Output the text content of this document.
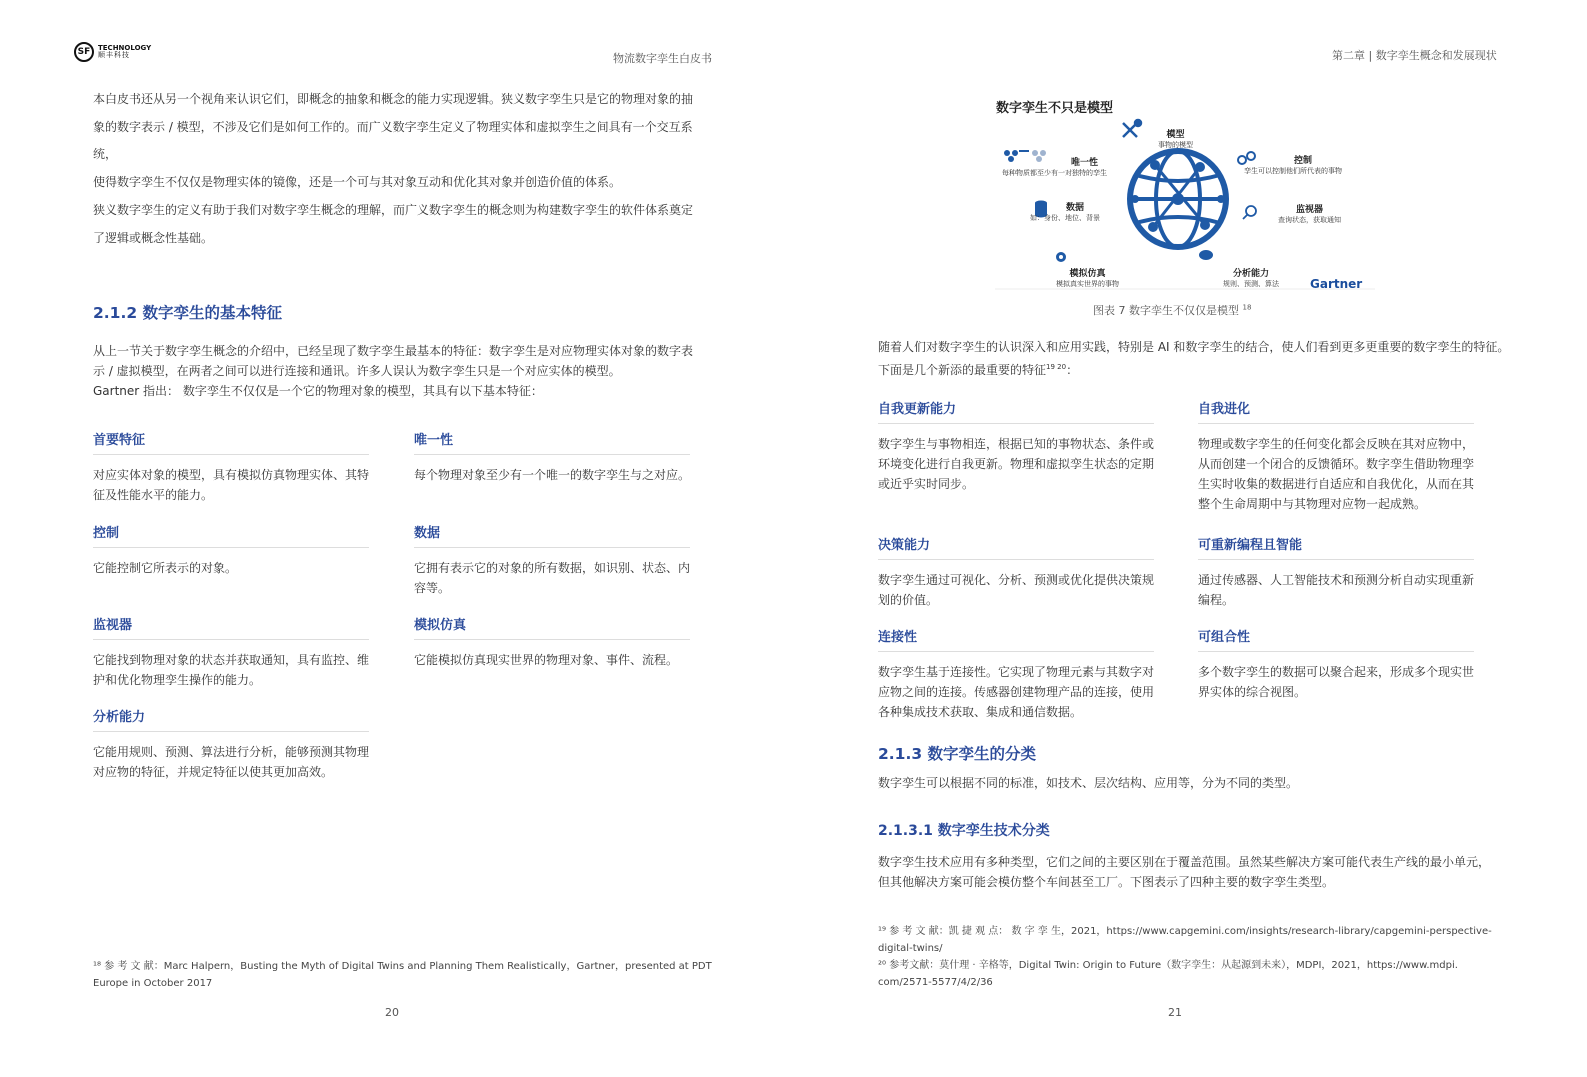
SF	TECHNOLOGY
顺丰科技	物流数字孪生白皮书
本白皮书还从另一个视角来认识它们，即概念的抽象和概念的能力实现逻辑。狭义数字孪生只是它的物理对象的抽
象的数字表示 / 模型，不涉及它们是如何工作的。而广义数字孪生定义了物理实体和虚拟孪生之间具有一个交互系统，
使得数字孪生不仅仅是物理实体的镜像，还是一个可与其对象互动和优化其对象并创造价值的体系。
狭义数字孪生的定义有助于我们对数字孪生概念的理解，而广义数字孪生的概念则为构建数字孪生的软件体系奠定
了逻辑或概念性基础。
2.1.2 数字孪生的基本特征
从上一节关于数字孪生概念的介绍中，已经呈现了数字孪生最基本的特征：数字孪生是对应物理实体对象的数字表
示 / 虚拟模型，在两者之间可以进行连接和通讯。许多人误认为数字孪生只是一个对应实体的模型。
Gartner 指出： 数字孪生不仅仅是一个它的物理对象的模型，其具有以下基本特征：
首要特征
对应实体对象的模型，具有模拟仿真物理实体、其特
征及性能水平的能力。
唯一性
每个物理对象至少有一个唯一的数字孪生与之对应。
控制
它能控制它所表示的对象。
数据
它拥有表示它的对象的所有数据，如识别、状态、内
容等。
监视器
它能找到物理对象的状态并获取通知，具有监控、维
护和优化物理孪生操作的能力。
模拟仿真
它能模拟仿真现实世界的物理对象、事件、流程。
分析能力
它能用规则、预测、算法进行分析，能够预测其物理
对应物的特征，并规定特征以使其更加高效。
¹⁸ 参 考 文 献：Marc Halpern，Busting the Myth of Digital Twins and Planning Them Realistically，Gartner，presented at PDT
Europe in October 2017
20
第二章 | 数字孪生概念和发展现状
数字孪生不只是模型
模型
事物的模型
唯一性
每种物质都至少有一对独特的孪生
控制
孪生可以控制他们所代表的事物
数据
如：身份、地位、背景
监视器
查询状态，获取通知
模拟仿真
模拟真实世界的事物
分析能力
规则、预测、算法	Gartner
图表 7 数字孪生不仅仅是模型 $^{18}$
随着人们对数字孪生的认识深入和应用实践，特别是 AI 和数字孪生的结合，使人们看到更多更重要的数字孪生的特征。
下面是几个新添的最重要的特征$^{19 20}$：
自我更新能力
数字孪生与事物相连，根据已知的事物状态、条件或
环境变化进行自我更新。物理和虚拟孪生状态的定期
或近乎实时同步。
自我进化
物理或数字孪生的任何变化都会反映在其对应物中，
从而创建一个闭合的反馈循环。数字孪生借助物理孪
生实时收集的数据进行自适应和自我优化，从而在其
整个生命周期中与其物理对应物一起成熟。
决策能力
数字孪生通过可视化、分析、预测或优化提供决策规
划的价值。
可重新编程且智能
通过传感器、人工智能技术和预测分析自动实现重新
编程。
连接性
数字孪生基于连接性。它实现了物理元素与其数字对
应物之间的连接。传感器创建物理产品的连接，使用
各种集成技术获取、集成和通信数据。
可组合性
多个数字孪生的数据可以聚合起来，形成多个现实世
界实体的综合视图。
2.1.3 数字孪生的分类
数字孪生可以根据不同的标准，如技术、层次结构、应用等，分为不同的类型。
2.1.3.1 数字孪生技术分类
数字孪生技术应用有多种类型，它们之间的主要区别在于覆盖范围。虽然某些解决方案可能代表生产线的最小单元，
但其他解决方案可能会模仿整个车间甚至工厂。下图表示了四种主要的数字孪生类型。
¹⁹ 参 考 文 献：凯 捷 观 点： 数 字 孪 生，2021，https://www.capgemini.com/insights/research-library/capgemini-perspective-
digital-twins/
²⁰ 参考文献：莫什理 · 辛格等，Digital Twin: Origin to Future（数字孪生：从起源到未来），MDPI，2021，https://www.mdpi.
com/2571-5577/4/2/36
21
